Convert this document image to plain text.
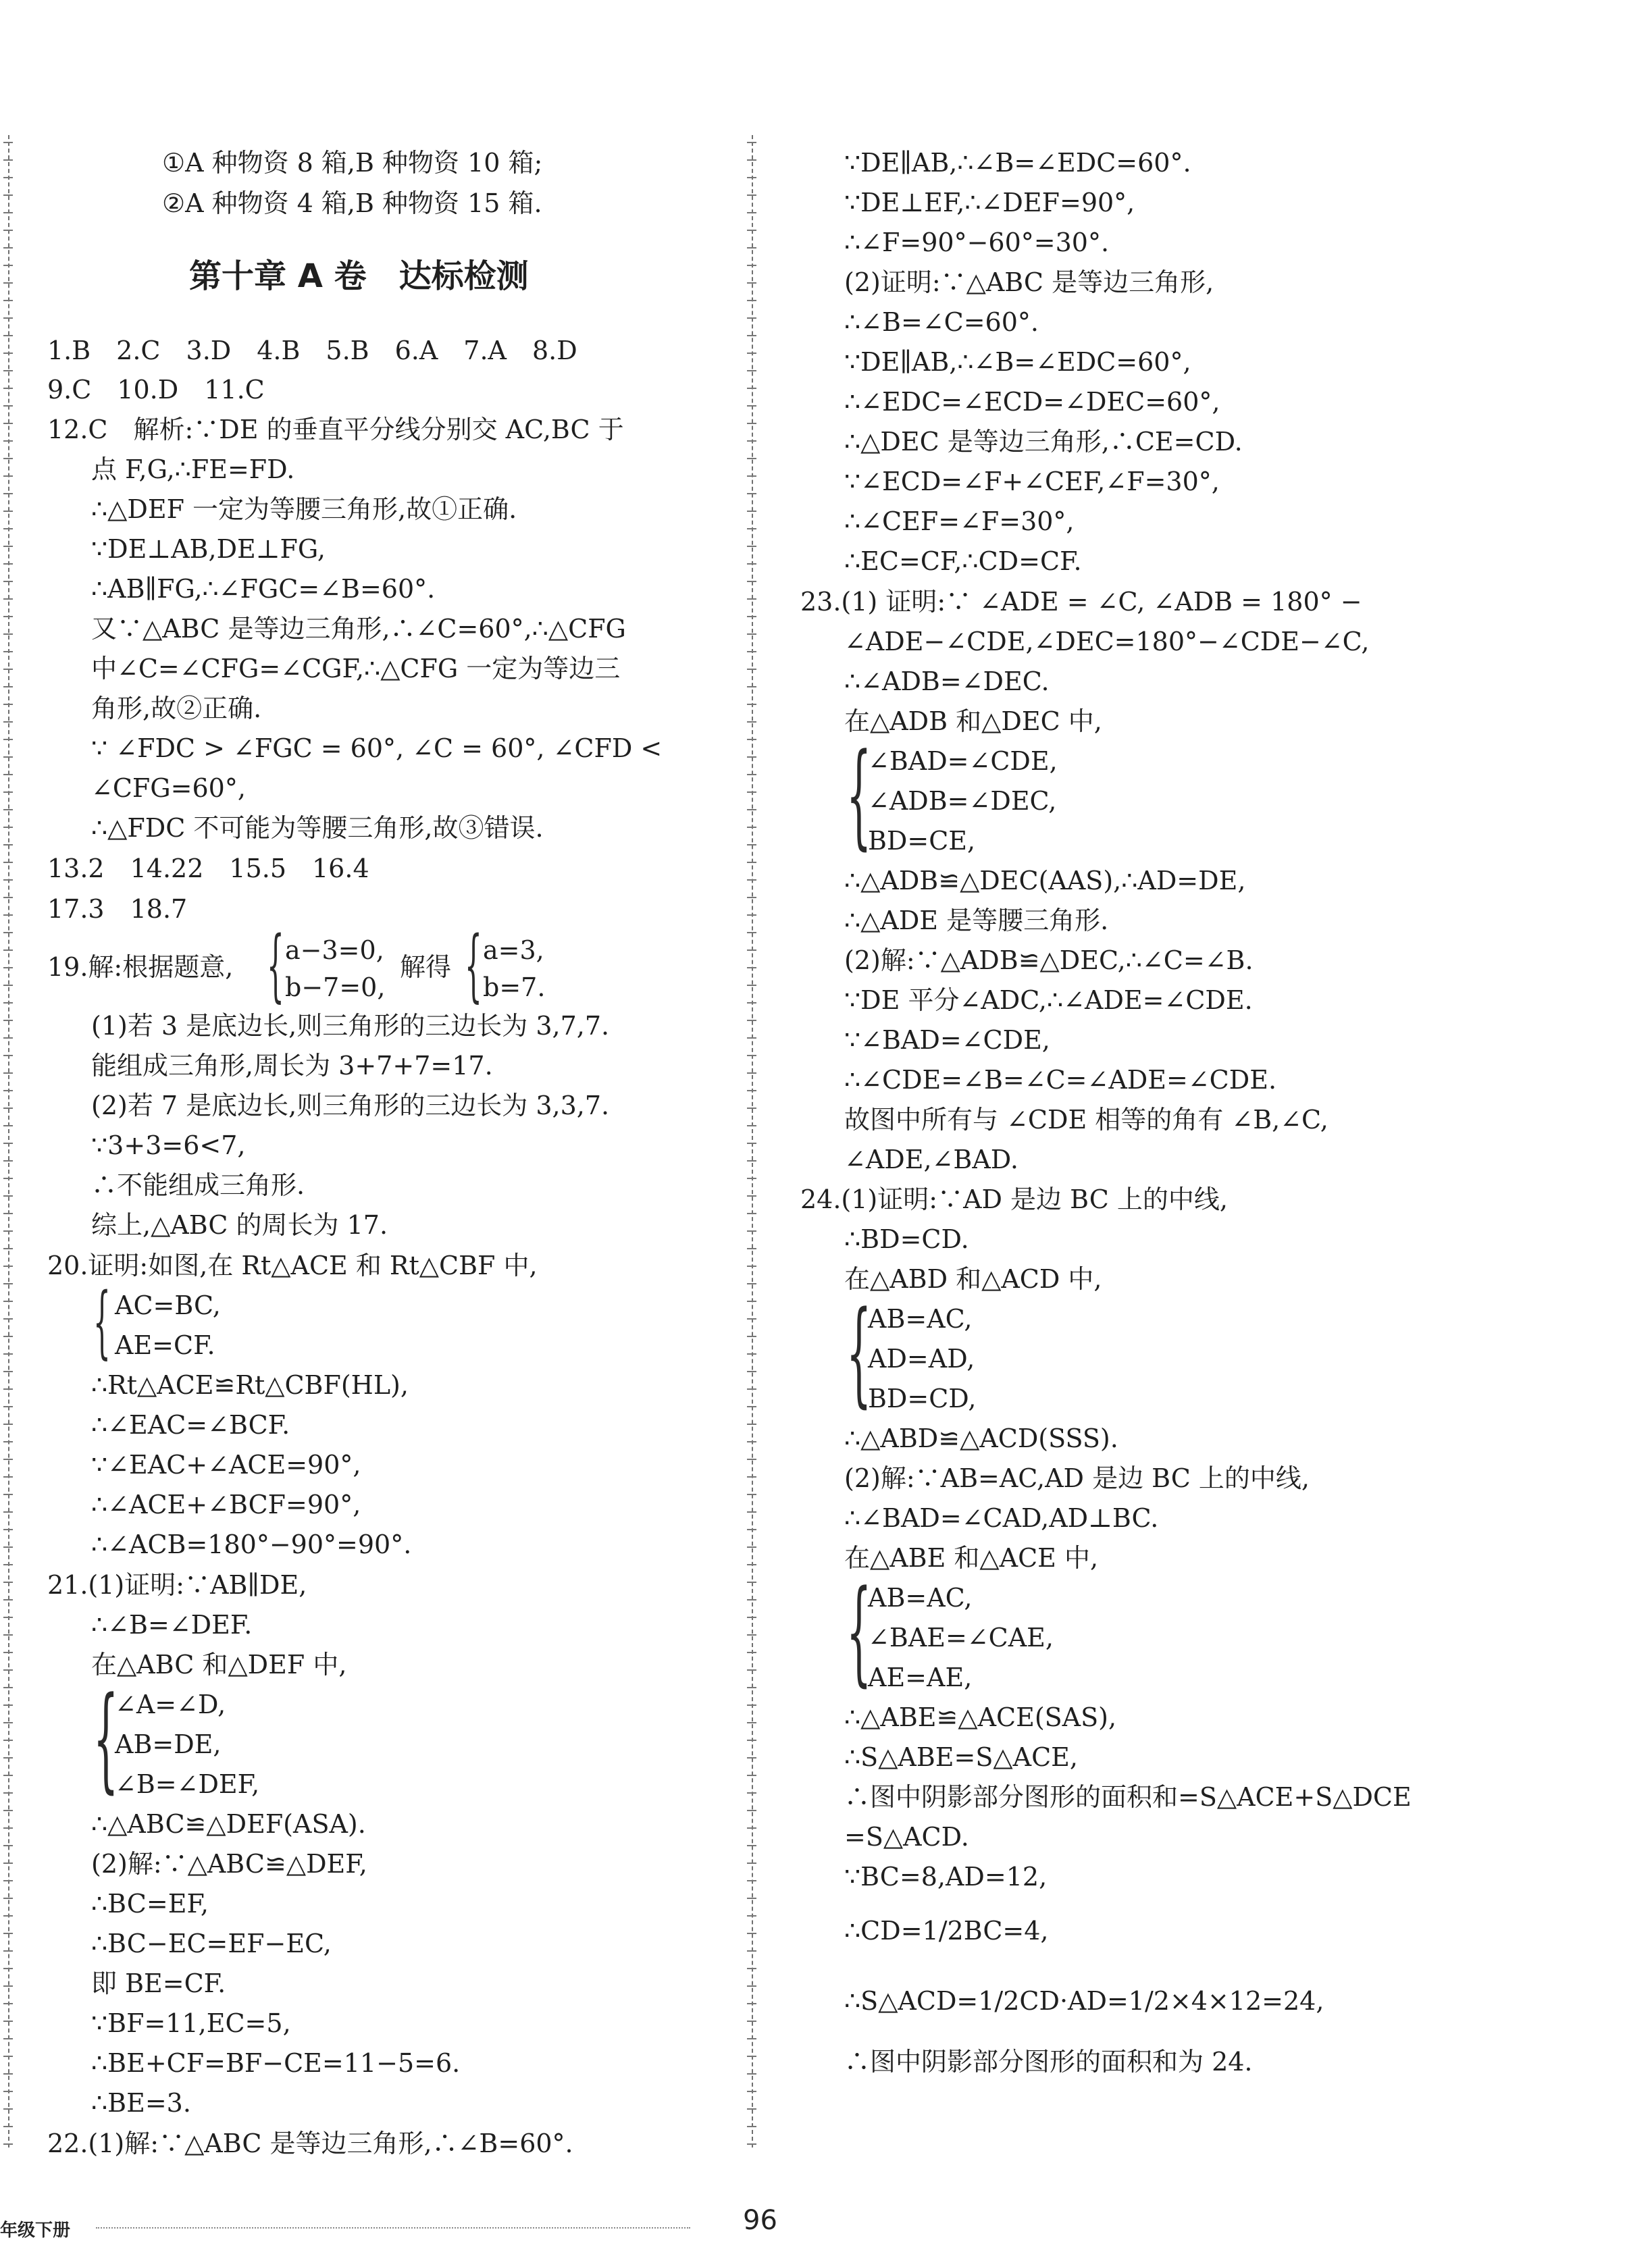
①A 种物资 8 箱,B 种物资 10 箱;
②A 种物资 4 箱,B 种物资 15 箱.
第十章 A 卷　达标检测
1.B　2.C　3.D　4.B　5.B　6.A　7.A　8.D
9.C　10.D　11.C
12.C　解析:∵DE 的垂直平分线分别交 AC,BC 于
点 F,G,∴FE=FD.
∴△DEF 一定为等腰三角形,故①正确.
∵DE⊥AB,DE⊥FG,
∴AB∥FG,∴∠FGC=∠B=60°.
又∵△ABC 是等边三角形,∴∠C=60°,∴△CFG
中∠C=∠CFG=∠CGF,∴△CFG 一定为等边三
角形,故②正确.
∵ ∠FDC > ∠FGC = 60°, ∠C = 60°, ∠CFD <
∠CFG=60°,
∴△FDC 不可能为等腰三角形,故③错误.
13.2　14.22　15.5　16.4
17.3　18.7
19.解:根据题意, { a−3=0,
b−7=0,
解得 { a=3,
b=7.
(1)若 3 是底边长,则三角形的三边长为 3,7,7.
能组成三角形,周长为 3+7+7=17.
(2)若 7 是底边长,则三角形的三边长为 3,3,7.
∵3+3=6<7,
∴不能组成三角形.
综上,△ABC 的周长为 17.
20.证明:如图,在 Rt△ACE 和 Rt△CBF 中,
{ AC=BC,
AE=CF.
∴Rt△ACE≌Rt△CBF(HL),
∴∠EAC=∠BCF.
∵∠EAC+∠ACE=90°,
∴∠ACE+∠BCF=90°,
∴∠ACB=180°−90°=90°.
21.(1)证明:∵AB∥DE,
∴∠B=∠DEF.
在△ABC 和△DEF 中,
{
∠A=∠D,
AB=DE,
∠B=∠DEF,
∴△ABC≌△DEF(ASA).
(2)解:∵△ABC≌△DEF,
∴BC=EF,
∴BC−EC=EF−EC,
即 BE=CF.
∵BF=11,EC=5,
∴BE+CF=BF−CE=11−5=6.
∴BE=3.
22.(1)解:∵△ABC 是等边三角形,∴∠B=60°.
∵DE∥AB,∴∠B=∠EDC=60°.
∵DE⊥EF,∴∠DEF=90°,
∴∠F=90°−60°=30°.
(2)证明:∵△ABC 是等边三角形,
∴∠B=∠C=60°.
∵DE∥AB,∴∠B=∠EDC=60°,
∴∠EDC=∠ECD=∠DEC=60°,
∴△DEC 是等边三角形,∴CE=CD.
∵∠ECD=∠F+∠CEF,∠F=30°,
∴∠CEF=∠F=30°,
∴EC=CF,∴CD=CF.
23.(1) 证明:∵ ∠ADE = ∠C, ∠ADB = 180° −
∠ADE−∠CDE,∠DEC=180°−∠CDE−∠C,
∴∠ADB=∠DEC.
在△ADB 和△DEC 中,
{
∠BAD=∠CDE,
∠ADB=∠DEC,
BD=CE,
∴△ADB≌△DEC(AAS),∴AD=DE,
∴△ADE 是等腰三角形.
(2)解:∵△ADB≌△DEC,∴∠C=∠B.
∵DE 平分∠ADC,∴∠ADE=∠CDE.
∵∠BAD=∠CDE,
∴∠CDE=∠B=∠C=∠ADE=∠CDE.
故图中所有与 ∠CDE 相等的角有 ∠B,∠C,
∠ADE,∠BAD.
24.(1)证明:∵AD 是边 BC 上的中线,
∴BD=CD.
在△ABD 和△ACD 中,
{
AB=AC,
AD=AD,
BD=CD,
∴△ABD≌△ACD(SSS).
(2)解:∵AB=AC,AD 是边 BC 上的中线,
∴∠BAD=∠CAD,AD⊥BC.
在△ABE 和△ACE 中,
{
AB=AC,
∠BAE=∠CAE,
AE=AE,
∴△ABE≌△ACE(SAS),
∴S△ABE=S△ACE,
∴图中阴影部分图形的面积和=S△ACE+S△DCE
=S△ACD.
∵BC=8,AD=12,
∴CD=1/2BC=4,
∴S△ACD=1/2CD·AD=1/2×4×12=24,
∴图中阴影部分图形的面积和为 24.
年级下册	96
